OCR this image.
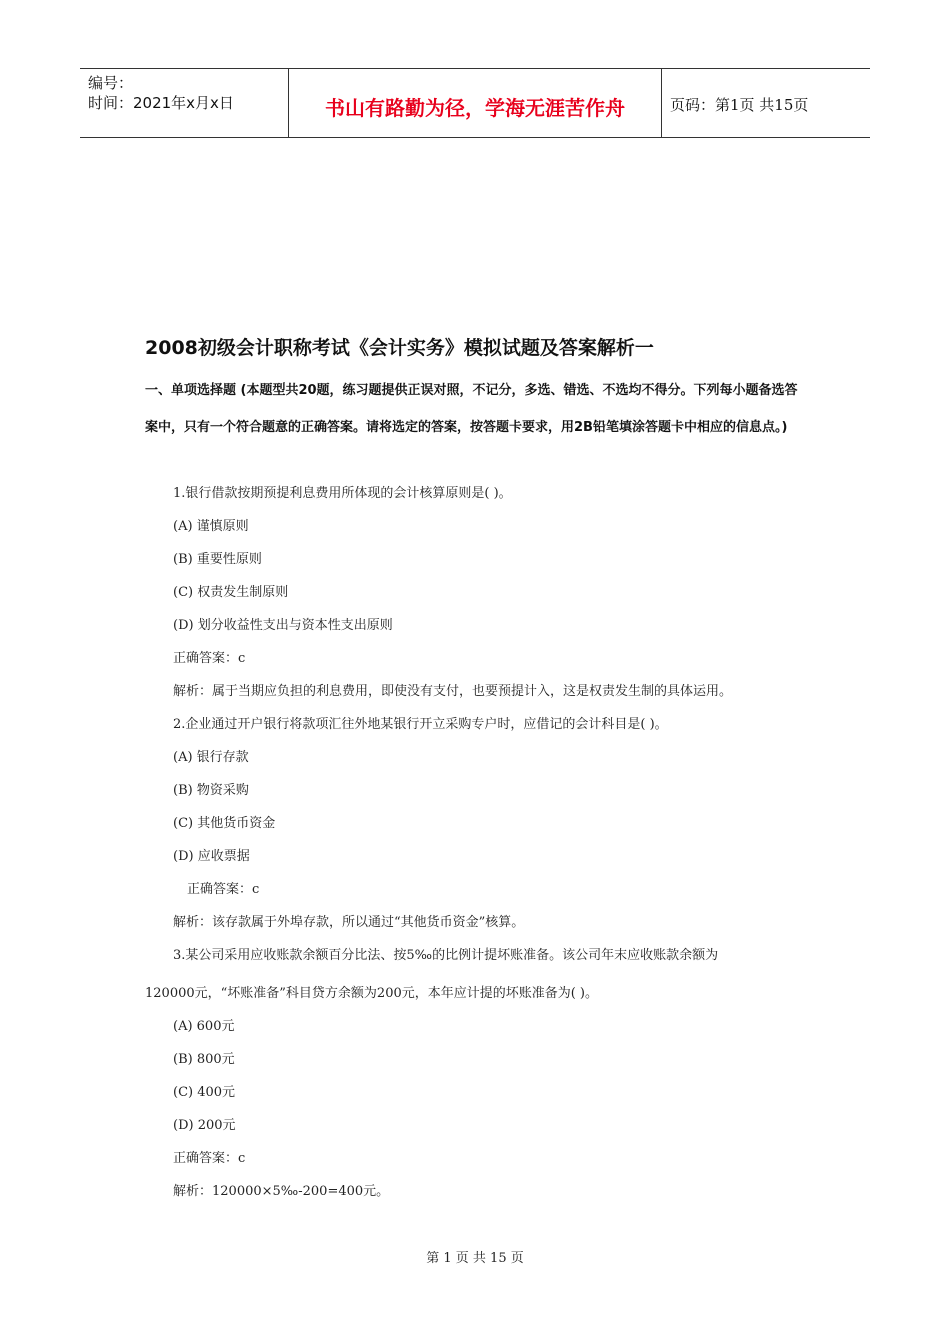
编号：
时间：2021年x月x日	书山有路勤为径，学海无涯苦作舟	页码：第1页 共15页
2008初级会计职称考试《会计实务》模拟试题及答案解析一
一、单项选择题 (本题型共20题，练习题提供正误对照，不记分，多选、错选、不选均不得分。下列每小题备选答案中，只有一个符合题意的正确答案。请将选定的答案，按答题卡要求，用2B铅笔填涂答题卡中相应的信息点。)
1.银行借款按期预提利息费用所体现的会计核算原则是( )。
(A) 谨慎原则
(B) 重要性原则
(C) 权责发生制原则
(D) 划分收益性支出与资本性支出原则
正确答案：c
解析：属于当期应负担的利息费用，即使没有支付，也要预提计入，这是权责发生制的具体运用。
2.企业通过开户银行将款项汇往外地某银行开立采购专户时，应借记的会计科目是( )。
(A) 银行存款
(B) 物资采购
(C) 其他货币资金
(D) 应收票据
正确答案：c
解析：该存款属于外埠存款，所以通过“其他货币资金”核算。
3.某公司采用应收账款余额百分比法、按5‰的比例计提坏账准备。该公司年末应收账款余额为
120000元，“坏账准备”科目贷方余额为200元，本年应计提的坏账准备为( )。
(A) 600元
(B) 800元
(C) 400元
(D) 200元
正确答案：c
解析：120000×5‰-200=400元。
第 1 页 共 15 页
